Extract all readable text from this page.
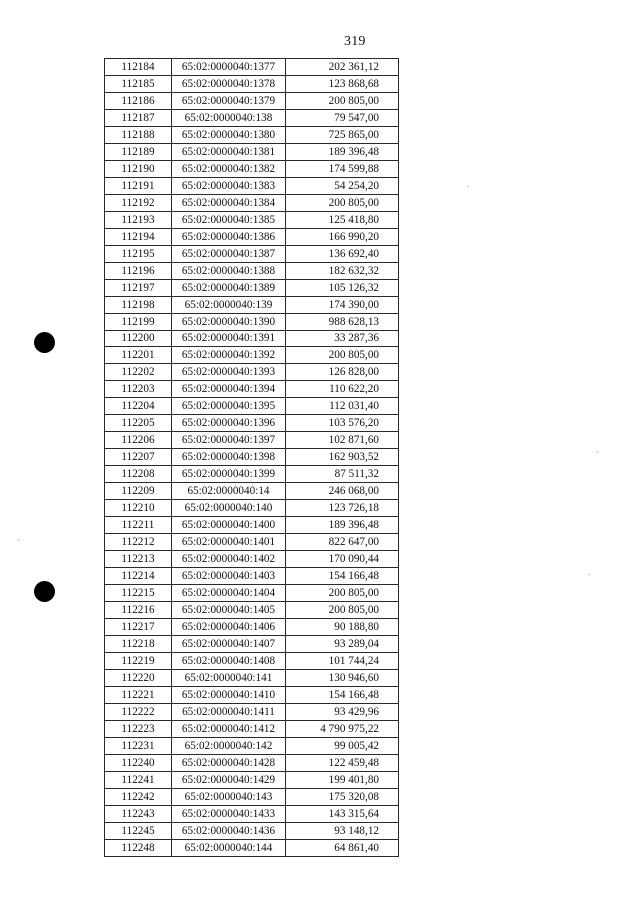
319
112184	65:02:0000040:1377	202 361,12
112185	65:02:0000040:1378	123 868,68
112186	65:02:0000040:1379	200 805,00
112187	65:02:0000040:138	79 547,00
112188	65:02:0000040:1380	725 865,00
112189	65:02:0000040:1381	189 396,48
112190	65:02:0000040:1382	174 599,88
112191	65:02:0000040:1383	54 254,20
112192	65:02:0000040:1384	200 805,00
112193	65:02:0000040:1385	125 418,80
112194	65:02:0000040:1386	166 990,20
112195	65:02:0000040:1387	136 692,40
112196	65:02:0000040:1388	182 632,32
112197	65:02:0000040:1389	105 126,32
112198	65:02:0000040:139	174 390,00
112199	65:02:0000040:1390	988 628,13
112200	65:02:0000040:1391	33 287,36
112201	65:02:0000040:1392	200 805,00
112202	65:02:0000040:1393	126 828,00
112203	65:02:0000040:1394	110 622,20
112204	65:02:0000040:1395	112 031,40
112205	65:02:0000040:1396	103 576,20
112206	65:02:0000040:1397	102 871,60
112207	65:02:0000040:1398	162 903,52
112208	65:02:0000040:1399	87 511,32
112209	65:02:0000040:14	246 068,00
112210	65:02:0000040:140	123 726,18
112211	65:02:0000040:1400	189 396,48
112212	65:02:0000040:1401	822 647,00
112213	65:02:0000040:1402	170 090,44
112214	65:02:0000040:1403	154 166,48
112215	65:02:0000040:1404	200 805,00
112216	65:02:0000040:1405	200 805,00
112217	65:02:0000040:1406	90 188,80
112218	65:02:0000040:1407	93 289,04
112219	65:02:0000040:1408	101 744,24
112220	65:02:0000040:141	130 946,60
112221	65:02:0000040:1410	154 166,48
112222	65:02:0000040:1411	93 429,96
112223	65:02:0000040:1412	4 790 975,22
112231	65:02:0000040:142	99 005,42
112240	65:02:0000040:1428	122 459,48
112241	65:02:0000040:1429	199 401,80
112242	65:02:0000040:143	175 320,08
112243	65:02:0000040:1433	143 315,64
112245	65:02:0000040:1436	93 148,12
112248	65:02:0000040:144	64 861,40
